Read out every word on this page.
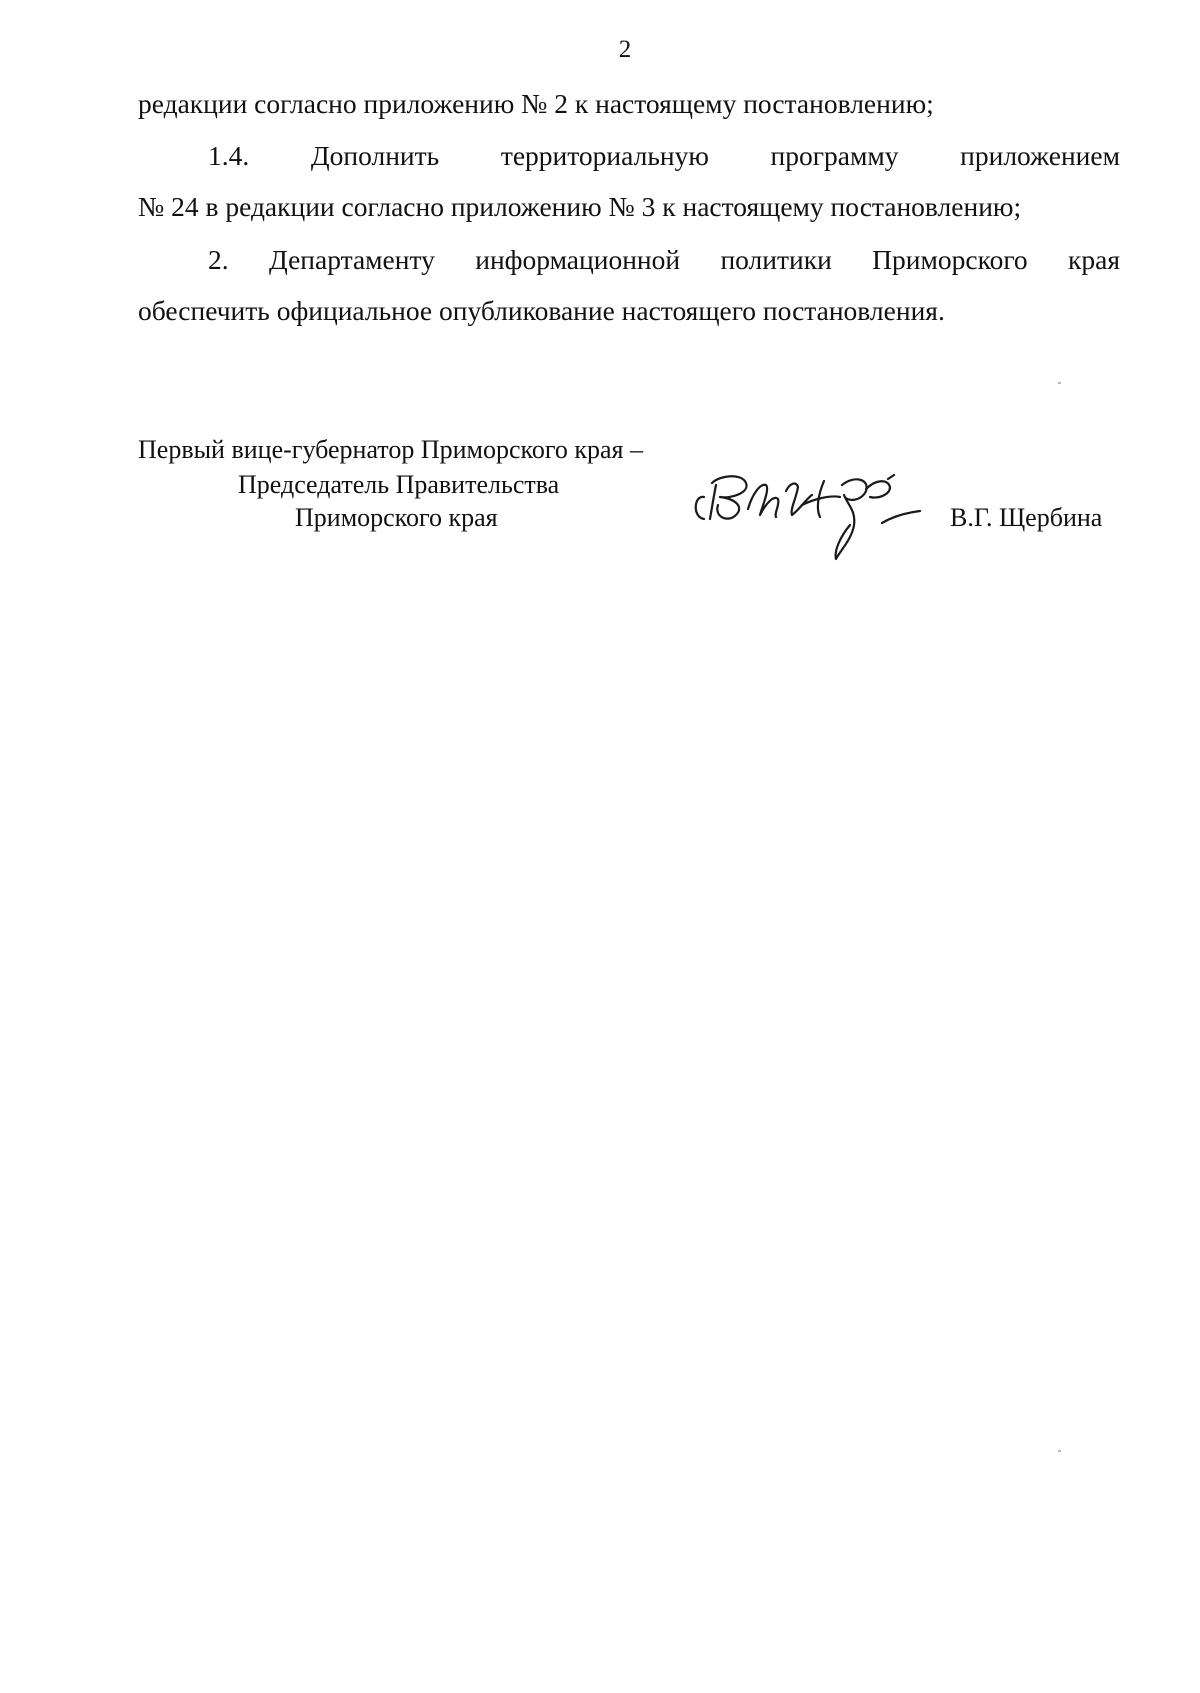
2
редакции согласно приложению № 2 к настоящему постановлению;
1.4. Дополнить территориальную программу приложением
№ 24 в редакции согласно приложению № 3 к настоящему постановлению;
2. Департаменту информационной политики Приморского края
обеспечить официальное опубликование настоящего постановления.
Первый вице-губернатор Приморского края –
Председатель Правительства
Приморского края	В.Г. Щербина
